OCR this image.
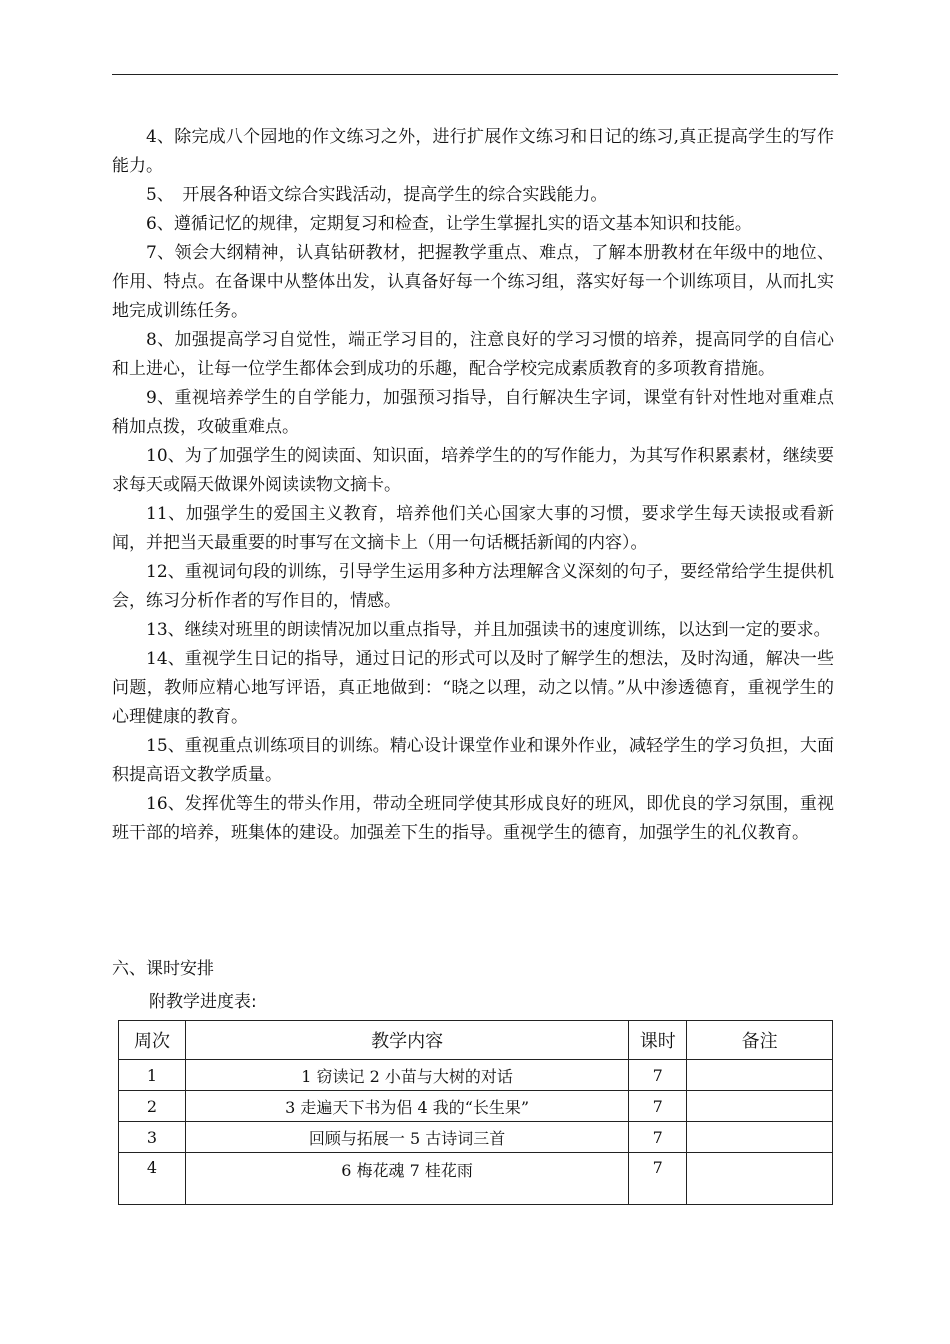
4、除完成八个园地的作文练习之外，进行扩展作文练习和日记的练习,真正提高学生的写作能力。

5、　开展各种语文综合实践活动，提高学生的综合实践能力。

6、遵循记忆的规律，定期复习和检查，让学生掌握扎实的语文基本知识和技能。

7、领会大纲精神，认真钻研教材，把握教学重点、难点，了解本册教材在年级中的地位、作用、特点。在备课中从整体出发，认真备好每一个练习组，落实好每一个训练项目，从而扎实地完成训练任务。

8、加强提高学习自觉性，端正学习目的，注意良好的学习习惯的培养，提高同学的自信心和上进心，让每一位学生都体会到成功的乐趣，配合学校完成素质教育的多项教育措施。

9、重视培养学生的自学能力，加强预习指导，自行解决生字词，课堂有针对性地对重难点稍加点拨，攻破重难点。

10、为了加强学生的阅读面、知识面，培养学生的的写作能力，为其写作积累素材，继续要求每天或隔天做课外阅读读物文摘卡。

11、加强学生的爱国主义教育，培养他们关心国家大事的习惯，要求学生每天读报或看新闻，并把当天最重要的时事写在文摘卡上（用一句话概括新闻的内容）。

12、重视词句段的训练，引导学生运用多种方法理解含义深刻的句子，要经常给学生提供机会，练习分析作者的写作目的，情感。

13、继续对班里的朗读情况加以重点指导，并且加强读书的速度训练，以达到一定的要求。

14、重视学生日记的指导，通过日记的形式可以及时了解学生的想法，及时沟通，解决一些问题，教师应精心地写评语，真正地做到：“晓之以理，动之以情。”从中渗透德育，重视学生的心理健康的教育。

15、重视重点训练项目的训练。精心设计课堂作业和课外作业，减轻学生的学习负担，大面积提高语文教学质量。

16、发挥优等生的带头作用，带动全班同学使其形成良好的班风，即优良的学习氛围，重视班干部的培养，班集体的建设。加强差下生的指导。重视学生的德育，加强学生的礼仪教育。

六、课时安排
附教学进度表:
周次	教学内容	课时	备注
1	1 窃读记 2 小苗与大树的对话	7	
2	3 走遍天下书为侣 4 我的“长生果”	7	
3	回顾与拓展一 5 古诗词三首	7	
4	6 梅花魂 7 桂花雨	7	
